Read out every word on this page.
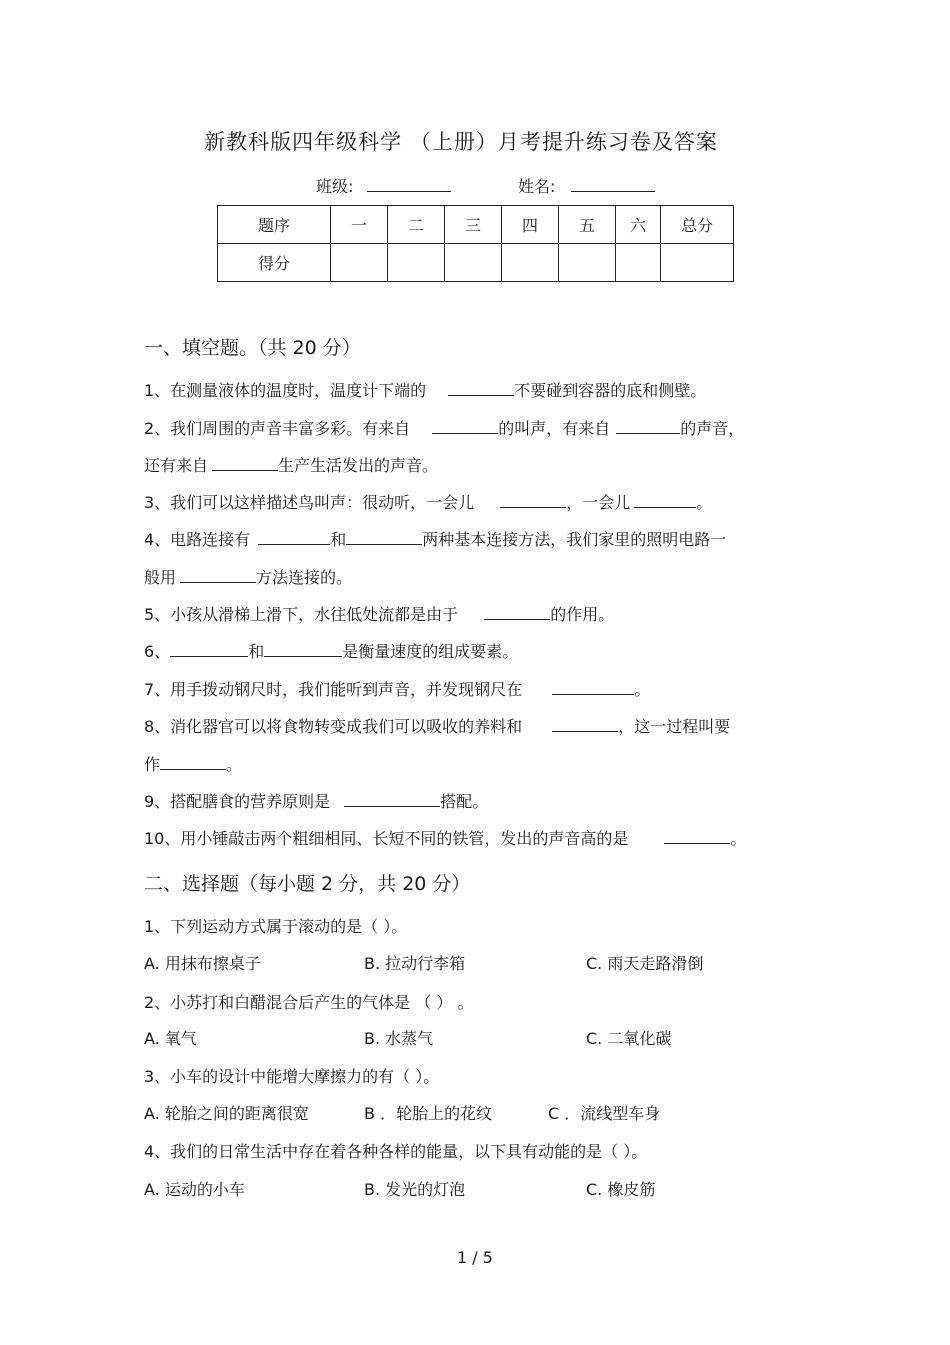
新教科版四年级科学 （上册）月考提升练习卷及答案
班级:	姓名:
题序	一	二	三	四	五	六	总分
得分							
一、填空题。（共 20 分）
1、在测量液体的温度时，温度计下端的	不要碰到容器的底和侧壁。
2、我们周围的声音丰富多彩。有来自	的叫声，有来自	的声音，
还有来自	生产生活发出的声音。
3、我们可以这样描述鸟叫声：很动听，一会儿	，一会儿	。
4、电路连接有	和	两种基本连接方法，我们家里的照明电路一
般用	方法连接的。
5、小孩从滑梯上滑下，水往低处流都是由于	的作用。
6、	和	是衡量速度的组成要素。
7、用手拨动钢尺时，我们能听到声音，并发现钢尺在	。
8、消化器官可以将食物转变成我们可以吸收的养料和	，这一过程叫要
作	。
9、搭配膳食的营养原则是	搭配。
10、用小锤敲击两个粗细相同、长短不同的铁管，发出的声音高的是	。
二、选择题（每小题 2 分，共 20 分）
1、下列运动方式属于滚动的是（ ）。
A. 用抹布擦桌子	B. 拉动行李箱	C. 雨天走路滑倒
2、小苏打和白醋混合后产生的气体是 （ ） 。
A. 氧气	B. 水蒸气	C. 二氧化碳
3、小车的设计中能增大摩擦力的有（ ）。
A. 轮胎之间的距离很宽	B ．轮胎上的花纹	C ．流线型车身
4、我们的日常生活中存在着各种各样的能量，以下具有动能的是（ ）。
A. 运动的小车	B. 发光的灯泡	C. 橡皮筋
1 / 5
